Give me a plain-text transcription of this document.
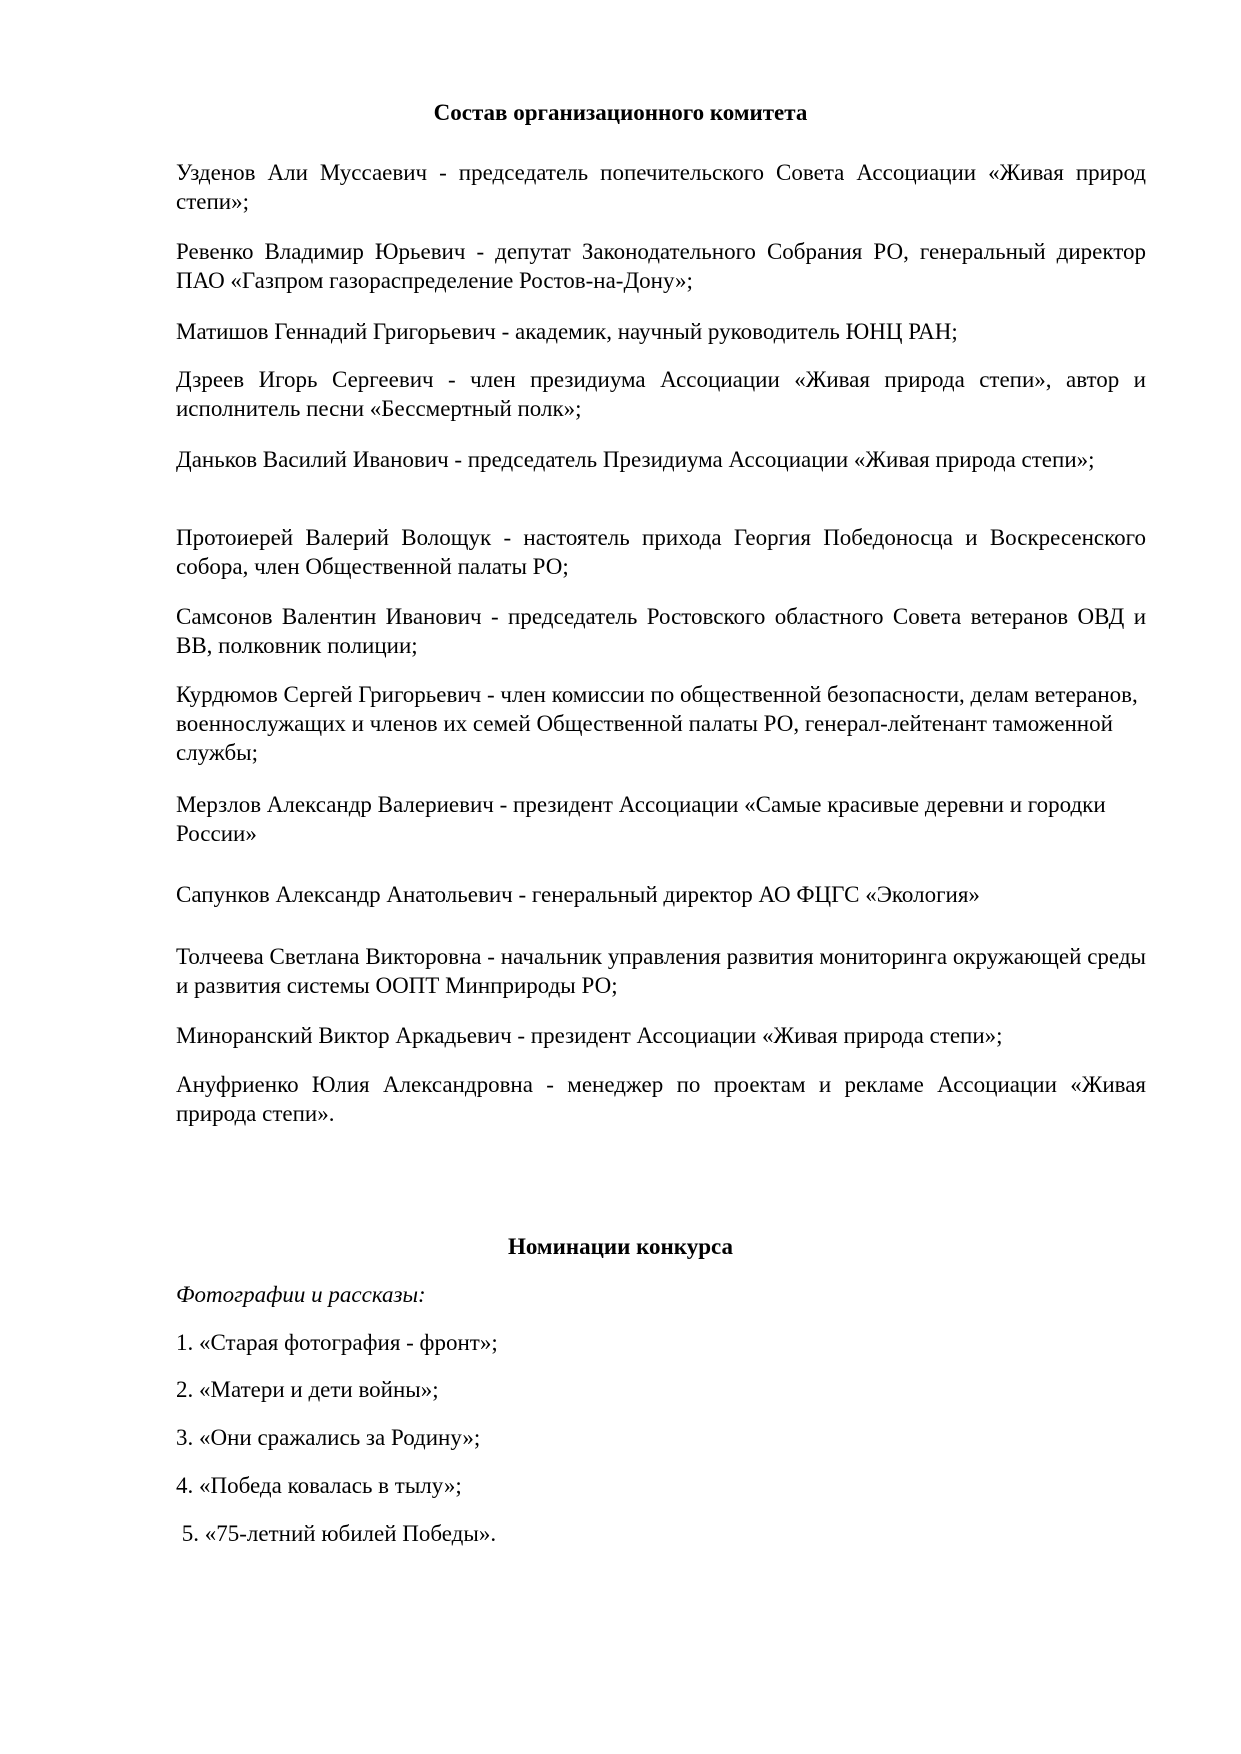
Состав организационного комитета

Узденов Али Муссаевич - председатель попечительского Совета Ассоциации «Живая природ степи»;

Ревенко Владимир Юрьевич - депутат Законодательного Собрания РО, генеральный директор ПАО «Газпром газораспределение Ростов-на-Дону»;

Матишов Геннадий Григорьевич - академик, научный руководитель ЮНЦ РАН;

Дзреев Игорь Сергеевич - член президиума Ассоциации «Живая природа степи», автор и исполнитель песни «Бессмертный полк»;

Даньков Василий Иванович - председатель Президиума Ассоциации «Живая природа степи»;

Протоиерей Валерий Волощук - настоятель прихода Георгия Победоносца и Воскресенского собора, член Общественной палаты РО;

Самсонов Валентин Иванович - председатель Ростовского областного Совета ветеранов ОВД и ВВ, полковник полиции;

Курдюмов Сергей Григорьевич - член комиссии по общественной безопасности, делам ветеранов, военнослужащих и членов их семей Общественной палаты РО, генерал-лейтенант таможенной службы;

Мерзлов Александр Валериевич - президент Ассоциации «Самые красивые деревни и городки России»

Сапунков Александр Анатольевич - генеральный директор АО ФЦГС «Экология»

Толчеева Светлана Викторовна - начальник управления развития мониторинга окружающей среды и развития системы ООПТ Минприроды РО;

Миноранский Виктор Аркадьевич - президент Ассоциации «Живая природа степи»;

Ануфриенко Юлия Александровна - менеджер по проектам и рекламе Ассоциации «Живая природа степи».

Номинации конкурса

Фотографии и рассказы:

1. «Старая фотография - фронт»;

2. «Матери и дети войны»;

3. «Они сражались за Родину»;

4. «Победа ковалась в тылу»;

5. «75-летний юбилей Победы».
